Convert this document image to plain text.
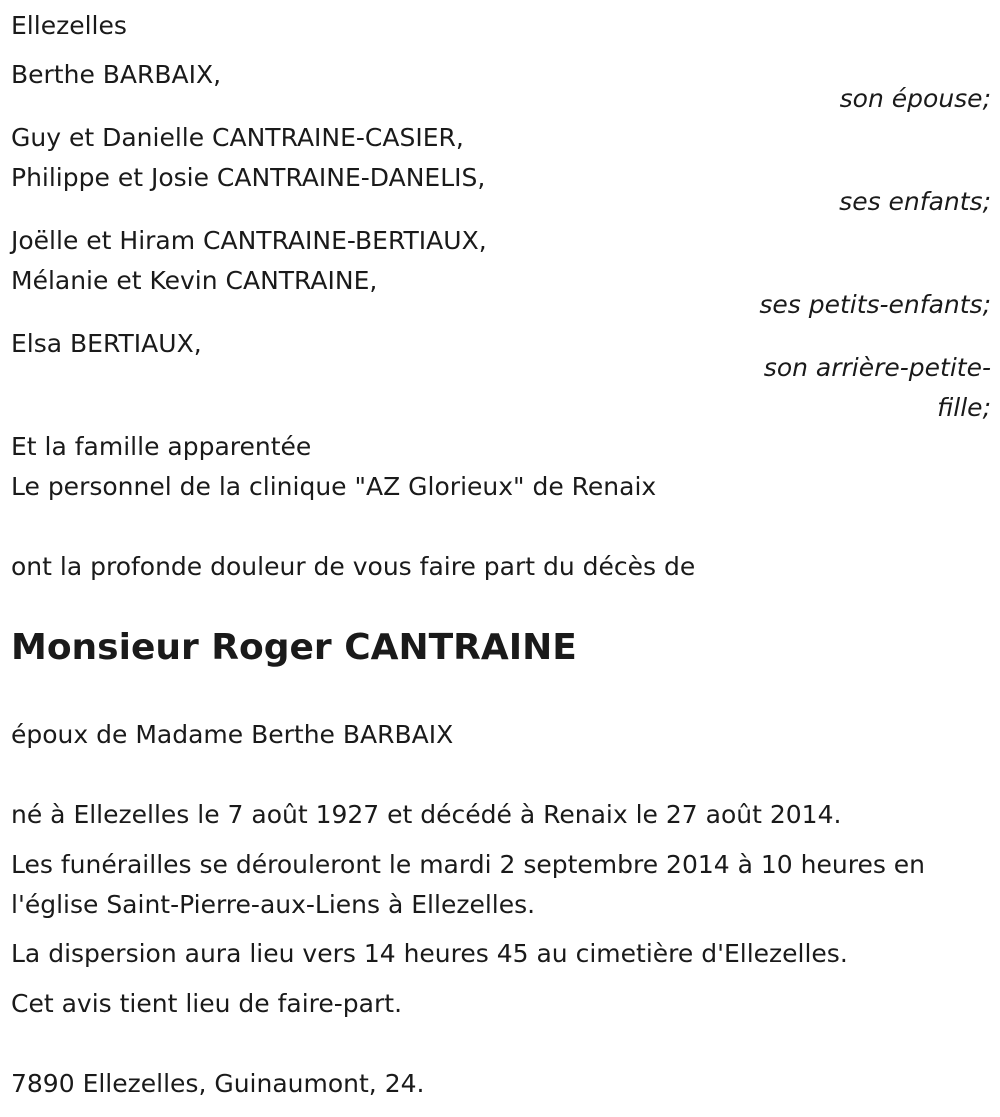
Ellezelles
Berthe BARBAIX,
son épouse;
Guy et Danielle CANTRAINE-CASIER,
Philippe et Josie CANTRAINE-DANELIS,
ses enfants;
Joëlle et Hiram CANTRAINE-BERTIAUX,
Mélanie et Kevin CANTRAINE,
ses petits-enfants;
Elsa BERTIAUX,
son arrière-petite-fille;
Et la famille apparentée
Le personnel de la clinique "AZ Glorieux" de Renaix
ont la profonde douleur de vous faire part du décès de
Monsieur Roger CANTRAINE
époux de Madame Berthe BARBAIX
né à Ellezelles le 7 août 1927 et décédé à Renaix le 27 août 2014.
Les funérailles se dérouleront le mardi 2 septembre 2014 à 10 heures en
l'église Saint-Pierre-aux-Liens à Ellezelles.
La dispersion aura lieu vers 14 heures 45 au cimetière d'Ellezelles.
Cet avis tient lieu de faire-part.
7890 Ellezelles, Guinaumont, 24.
